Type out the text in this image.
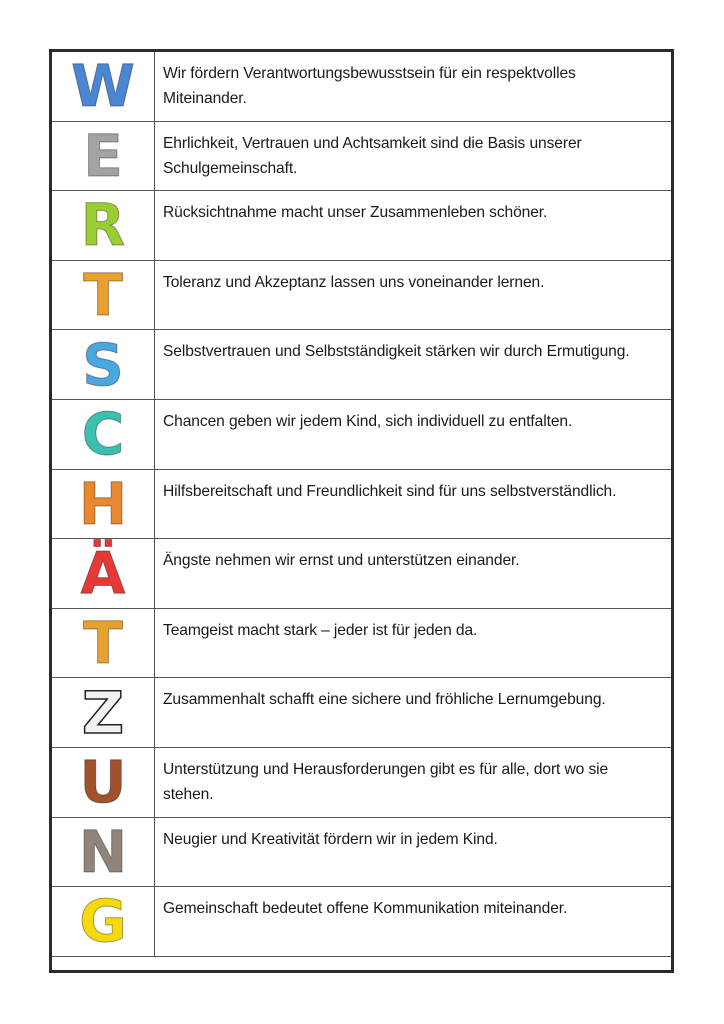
W	Wir fördern Verantwortungsbewusstsein für ein respektvolles Miteinander.
E	Ehrlichkeit, Vertrauen und Achtsamkeit sind die Basis unserer Schulgemeinschaft.
R	Rücksichtnahme macht unser Zusammenleben schöner.
T	Toleranz und Akzeptanz lassen uns voneinander lernen.
S	Selbstvertrauen und Selbstständigkeit stärken wir durch Ermutigung.
C	Chancen geben wir jedem Kind, sich individuell zu entfalten.
H	Hilfsbereitschaft und Freundlichkeit sind für uns selbstverständlich.
Ä	Ängste nehmen wir ernst und unterstützen einander.
T	Teamgeist macht stark – jeder ist für jeden da.
Z	Zusammenhalt schafft eine sichere und fröhliche Lernumgebung.
U	Unterstützung und Herausforderungen gibt es für alle, dort wo sie stehen.
N	Neugier und Kreativität fördern wir in jedem Kind.
G	Gemeinschaft bedeutet offene Kommunikation miteinander.
